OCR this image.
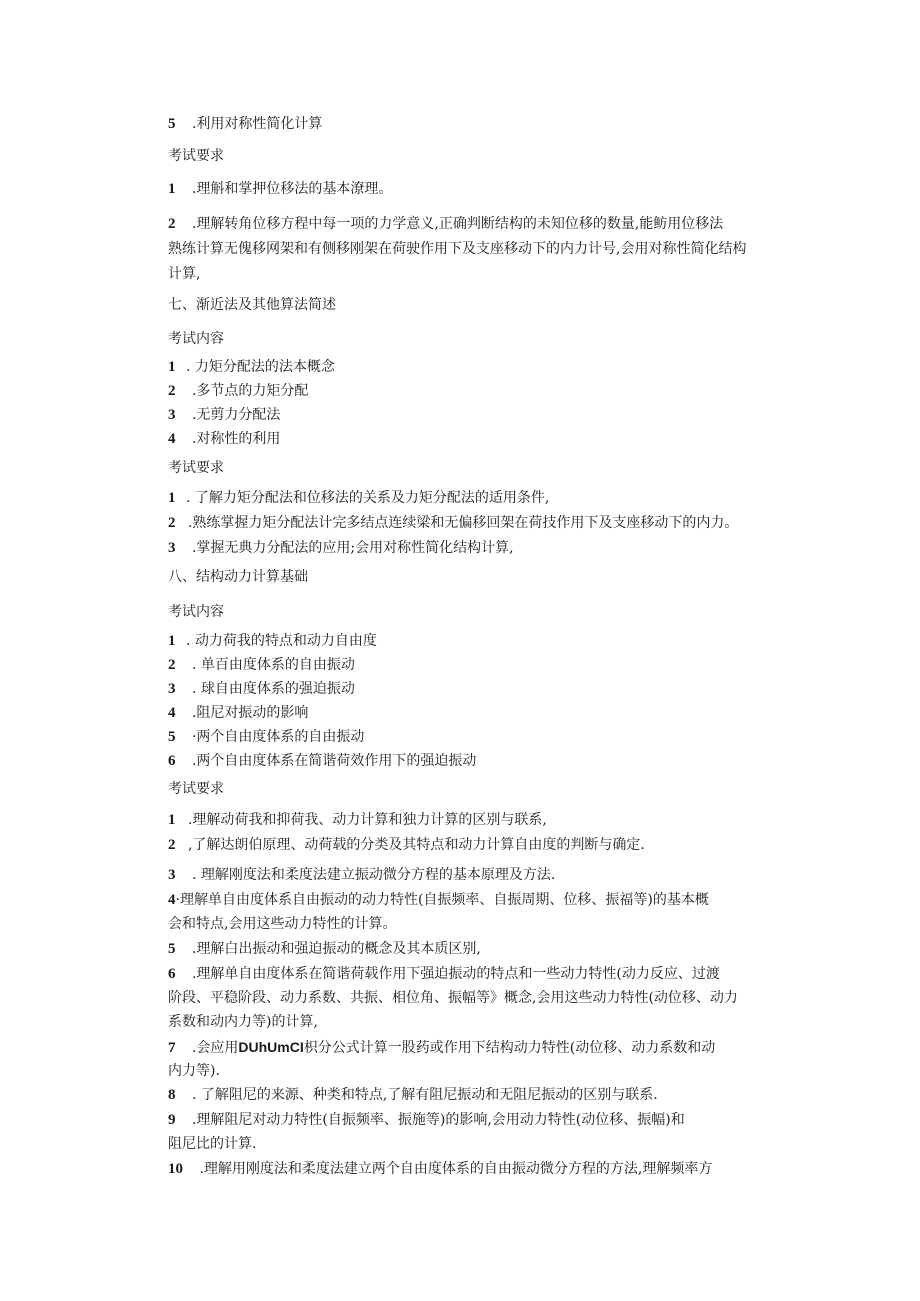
5 .利用对称性简化计算
考试要求
1 .理斛和掌押位移法的基本潦理。
2 .理解转角位移方程中每一项的力学意义,正确判断结构的未知位移的数量,能鲂用位移法
熟练计算无傀移网架和有侧移刚架在荷驶作用下及支座移动下的内力计号,会用对称性简化结构
计算,
七、渐近法及其他算法简述
考试内容
1 . 力矩分配法的法本概念
2 .多节点的力矩分配
3 .无剪力分配法
4 .对称性的利用
考试要求
1 . 了解力矩分配法和位移法的关系及力矩分配法的适用条件,
2 .熟练掌握力矩分配法计完多结点连续梁和无偏移回架在荷技作用下及支座移动下的内力。
3 .掌握无典力分配法的应用;会用对称性简化结构计算,
八、结构动力计算基础
考试内容
1 . 动力荷我的特点和动力自由度
2 . 单百由度体系的自由振动
3 . 球自由度体系的强迫振动
4 .阻尼对振动的影响
5 ·两个自由度体系的自由振动
6 .两个自由度体系在简谐荷效作用下的强迫振动
考试要求
1 .理解动荷我和抑荷我、动力计算和独力计算的区别与联系,
2 ,了解达朗伯原理、动荷载的分类及其特点和动力计算自由度的判断与确定.
3 . 理解刚度法和柔度法建立振动微分方程的基本原理及方法.
4·理解单自由度体系自由振动的动力特性(自振频率、自振周期、位移、振福等)的基本概
会和特点,会用这些动力特性的计算。
5 .理解白出振动和强迫振动的概念及其本质区别,
6 .理解单自由度体系在简谐荷载作用下强迫振动的特点和一些动力特性(动力反应、过渡
阶段、平稳阶段、动力系数、共振、相位角、振幅等》概念,会用这些动力特性(动位移、动力
系数和动内力等)的计算,
7 .会应用DUhUmCI枳分公式计算一股药或作用下结构动力特性(动位移、动力系数和动
内力等).
8 . 了解阻尼的来源、种类和特点,了解有阻尼振动和无阻尼振动的区别与联系.
9 .理解阻尼对动力特性(自振频率、振施等)的影响,会用动力特性(动位移、振幅)和
阻尼比的计算.
10 .理解用刚度法和柔度法建立两个自由度体系的自由振动微分方程的方法,理解频率方
